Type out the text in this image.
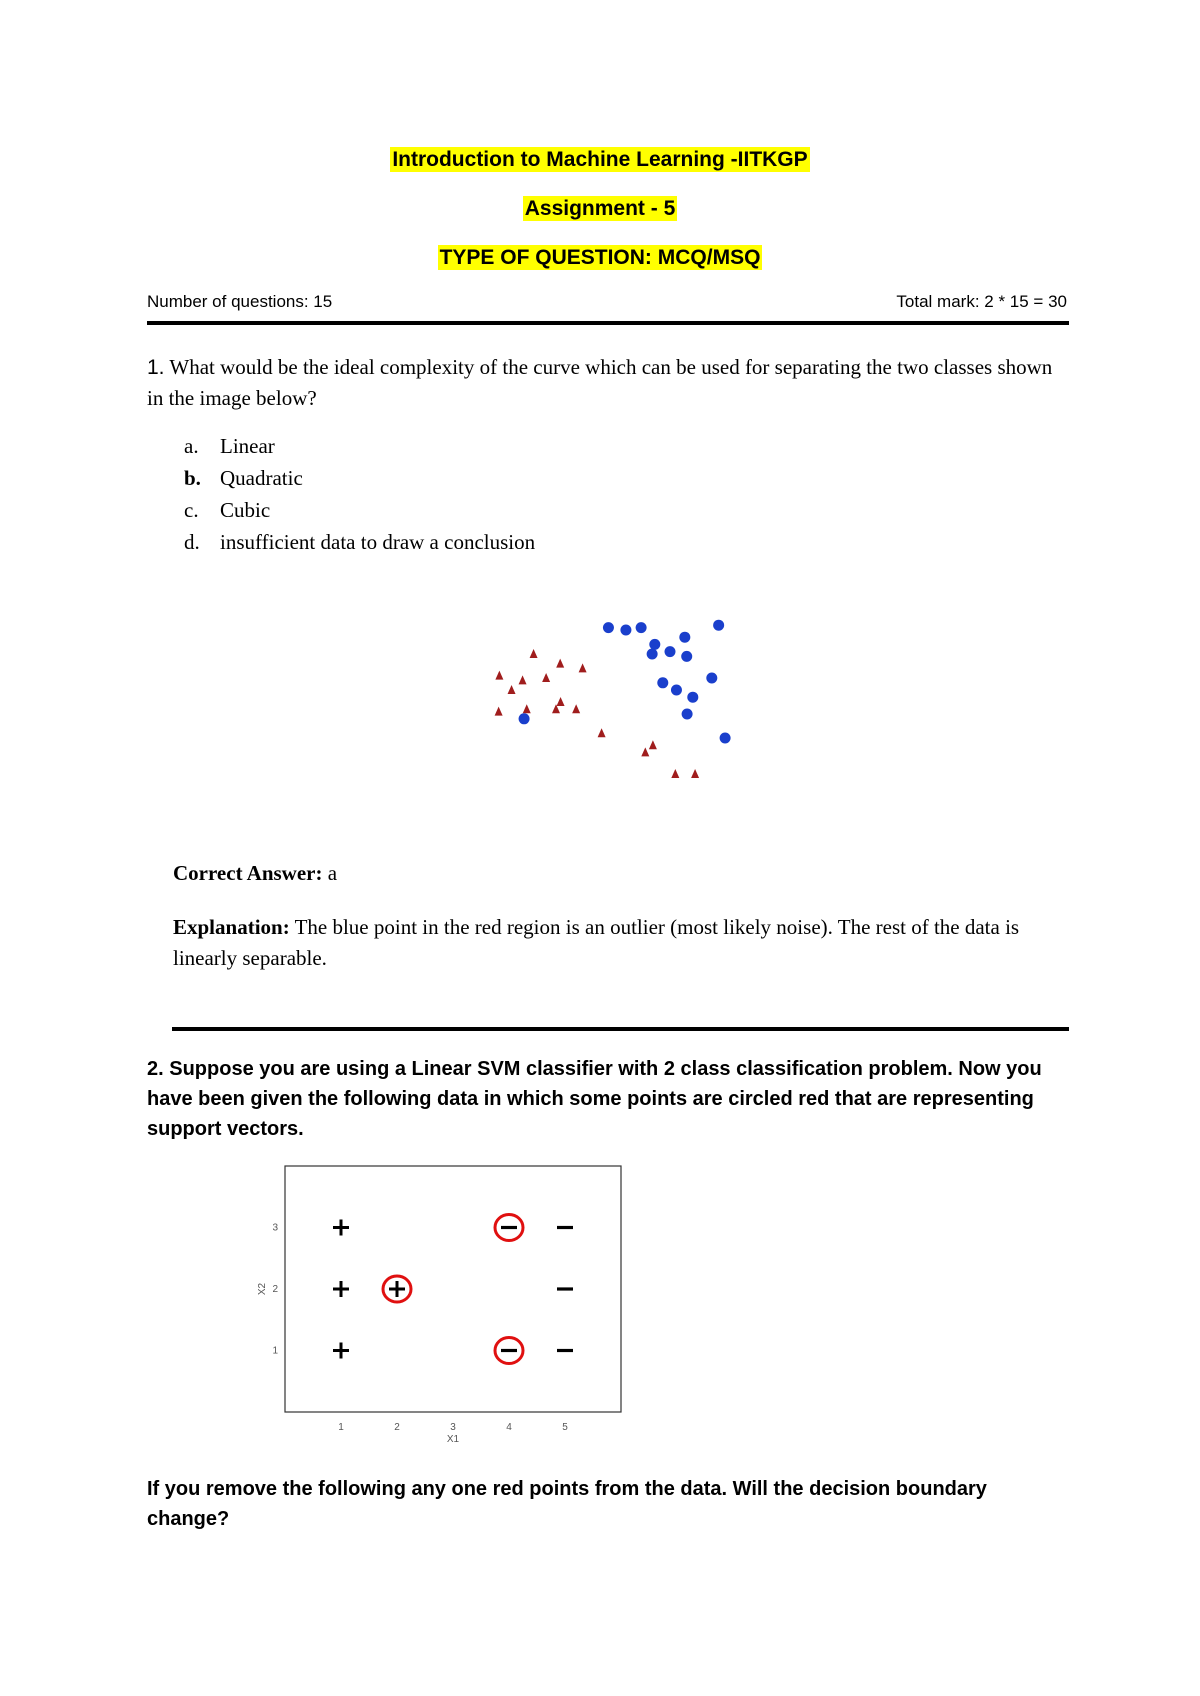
Introduction to Machine Learning -IITKGP
Assignment - 5
TYPE OF QUESTION: MCQ/MSQ
Number of questions: 15	Total mark: 2 * 15 = 30
1. What would be the ideal complexity of the curve which can be used for separating the two classes shown in the image below?
a. Linear
b. Quadratic
c. Cubic
d. insufficient data to draw a conclusion
Correct Answer: a
Explanation: The blue point in the red region is an outlier (most likely noise). The rest of the data is linearly separable.
2. Suppose you are using a Linear SVM classifier with 2 class classification problem. Now you have been given the following data in which some points are circled red that are representing support vectors.
1	2	3	4	5
1
2
3
X1
X2
If you remove the following any one red points from the data. Will the decision boundary change?
